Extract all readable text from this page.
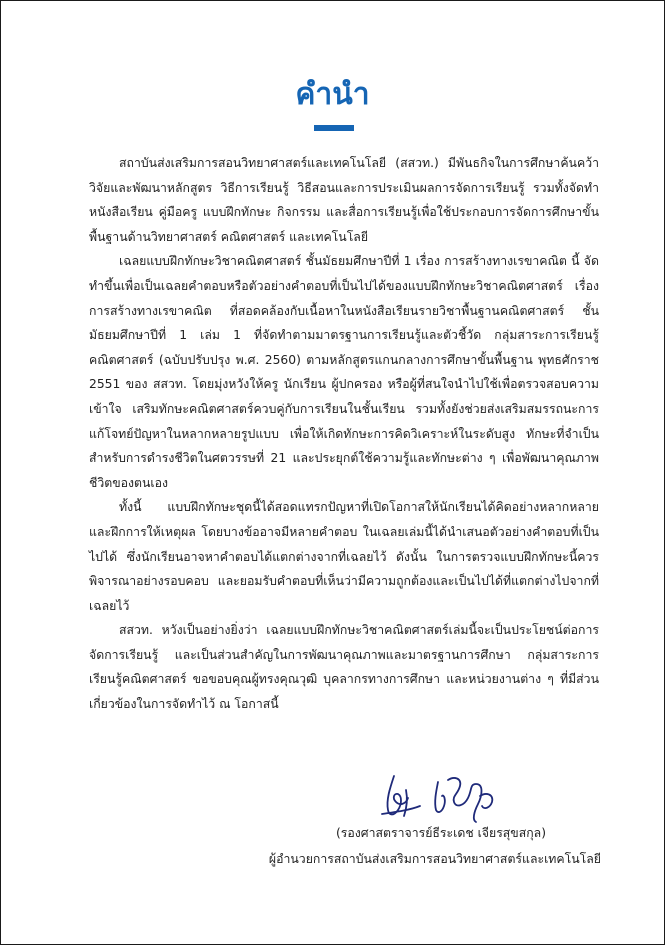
คำนำ

สถาบันส่งเสริมการสอนวิทยาศาสตร์และเทคโนโลยี (สสวท.) มีพันธกิจในการศึกษาค้นคว้า วิจัยและพัฒนาหลักสูตร วิธีการเรียนรู้ วิธีสอนและการประเมินผลการจัดการเรียนรู้ รวมทั้งจัดทำหนังสือเรียน คู่มือครู แบบฝึกทักษะ กิจกรรม และสื่อการเรียนรู้เพื่อใช้ประกอบการจัดการศึกษาขั้นพื้นฐานด้านวิทยาศาสตร์ คณิตศาสตร์ และเทคโนโลยี

เฉลยแบบฝึกทักษะวิชาคณิตศาสตร์ ชั้นมัธยมศึกษาปีที่ 1 เรื่อง การสร้างทางเรขาคณิต นี้ จัดทำขึ้นเพื่อเป็นเฉลยคำตอบหรือตัวอย่างคำตอบที่เป็นไปได้ของแบบฝึกทักษะวิชาคณิตศาสตร์ เรื่อง การสร้างทางเรขาคณิต ที่สอดคล้องกับเนื้อหาในหนังสือเรียนรายวิชาพื้นฐานคณิตศาสตร์ ชั้นมัธยมศึกษาปีที่ 1 เล่ม 1 ที่จัดทำตามมาตรฐานการเรียนรู้และตัวชี้วัด กลุ่มสาระการเรียนรู้คณิตศาสตร์ (ฉบับปรับปรุง พ.ศ. 2560) ตามหลักสูตรแกนกลางการศึกษาขั้นพื้นฐาน พุทธศักราช 2551 ของ สสวท. โดยมุ่งหวังให้ครู นักเรียน ผู้ปกครอง หรือผู้ที่สนใจนำไปใช้เพื่อตรวจสอบความเข้าใจ เสริมทักษะคณิตศาสตร์ควบคู่กับการเรียนในชั้นเรียน รวมทั้งยังช่วยส่งเสริมสมรรถนะการแก้โจทย์ปัญหาในหลากหลายรูปแบบ เพื่อให้เกิดทักษะการคิดวิเคราะห์ในระดับสูง ทักษะที่จำเป็นสำหรับการดำรงชีวิตในศตวรรษที่ 21 และประยุกต์ใช้ความรู้และทักษะต่าง ๆ เพื่อพัฒนาคุณภาพชีวิตของตนเอง

ทั้งนี้ แบบฝึกทักษะชุดนี้ได้สอดแทรกปัญหาที่เปิดโอกาสให้นักเรียนได้คิดอย่างหลากหลายและฝึกการให้เหตุผล โดยบางข้ออาจมีหลายคำตอบ ในเฉลยเล่มนี้ได้นำเสนอตัวอย่างคำตอบที่เป็นไปได้ ซึ่งนักเรียนอาจหาคำตอบได้แตกต่างจากที่เฉลยไว้ ดังนั้น ในการตรวจแบบฝึกทักษะนี้ควรพิจารณาอย่างรอบคอบ และยอมรับคำตอบที่เห็นว่ามีความถูกต้องและเป็นไปได้ที่แตกต่างไปจากที่เฉลยไว้

สสวท. หวังเป็นอย่างยิ่งว่า เฉลยแบบฝึกทักษะวิชาคณิตศาสตร์เล่มนี้จะเป็นประโยชน์ต่อการจัดการเรียนรู้ และเป็นส่วนสำคัญในการพัฒนาคุณภาพและมาตรฐานการศึกษา กลุ่มสาระการเรียนรู้คณิตศาสตร์ ขอขอบคุณผู้ทรงคุณวุฒิ บุคลากรทางการศึกษา และหน่วยงานต่าง ๆ ที่มีส่วนเกี่ยวข้องในการจัดทำไว้ ณ โอกาสนี้

(รองศาสตราจารย์ธีระเดช เจียรสุขสกุล)
ผู้อำนวยการสถาบันส่งเสริมการสอนวิทยาศาสตร์และเทคโนโลยี
